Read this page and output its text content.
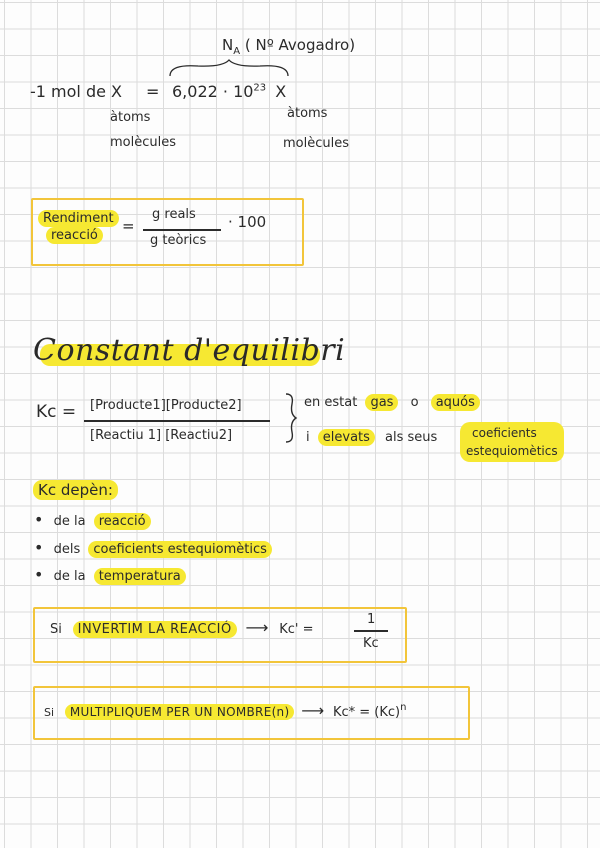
$N_A$ ( Nº Avogadro)
-1 mol de $X = 6,022 \cdot 10^{23}$ X
àtoms
molècules
àtoms
molècules
Rendiment
reacció
=
g reals
g teòrics
· 100
Constant d'equilibri
Kc = [Producte1][Producte2]
[Reactiu 1] [Reactiu2]
en estat gas o aquós
i elevats als seus	coeficients
estequiomètics
Kc depèn:
• de la reacció
• dels coeficients estequiomètics
• de la temperatura
Si INVERTIM LA REACCIÓ ⟶ Kc' =
1
Kc
Si MULTIPLIQUEM PER UN NOMBRE(n) ⟶ $Kc* = (Kc)^n$
